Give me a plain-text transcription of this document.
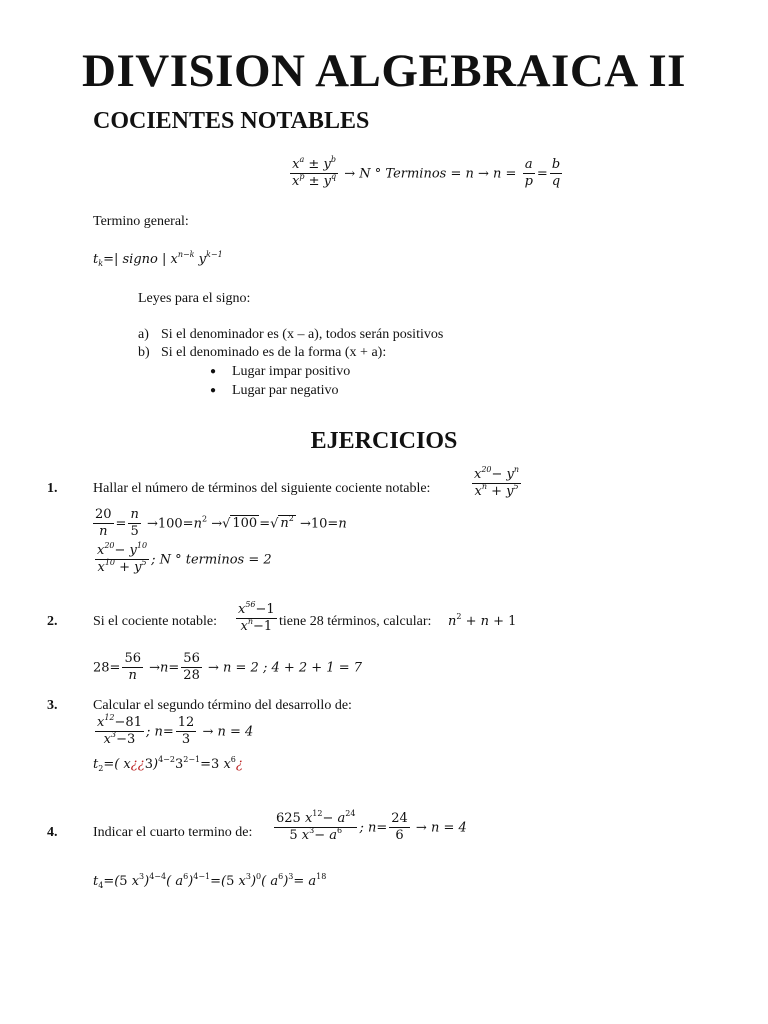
DIVISION ALGEBRAICA II
COCIENTES NOTABLES
$\frac{x^a \pm y^b}{x^p \pm y^q} \to N$ ° Terminos = $n \to n = \frac{a}{p} = \frac{b}{q}$
Termino general:
$t_k=|$ signo | $x^{n-k}$ $y^{k-1}$
Leyes para el signo:
a) Si el denominador es (x – a), todos serán positivos
b) Si el denominado es de la forma (x + a):
● Lugar impar positivo
● Lugar par negativo
EJERCICIOS
1.	Hallar el número de términos del siguiente cociente notable:	$\frac{x^{20}- y^n}{x^n + y^5}$
$\frac{20}{n} = \frac{n}{5} \to 100=n^2$ →√ 100 =√ $n^2 \to 10=n$
$\frac{x^{20}- y^{10}}{x^{10} + y^5}$ ; N ° terminos = 2
2.	Si el cociente notable: $\frac{x^{56}-1}{x^n-1}$ tiene 28 términos, calcular: $n^2 + n + 1$
$28= \frac{56}{n} \to n= \frac{56}{28} \to n = 2$ ; 4 + 2 + 1 = 7
3.	Calcular el segundo término del desarrollo de:
$\frac{x^{12}-81}{x^3-3}$ ; $n= \frac{12}{3} \to n = 4$
$t_2=$( $x¿¿3)^{4-2}3^{2-1}=3$ $x^6¿$
4.	Indicar el cuarto termino de: $\frac{625 x^{12}- a^{24}}{5 x^3- a^6}$ ; $n= \frac{24}{6} \to n = 4$
$t_4=(5$ $x^3)^{4-4}$( $a^6)^{4-1}=(5$ $x^3)^0$( $a^6)^3= a^{18}$
